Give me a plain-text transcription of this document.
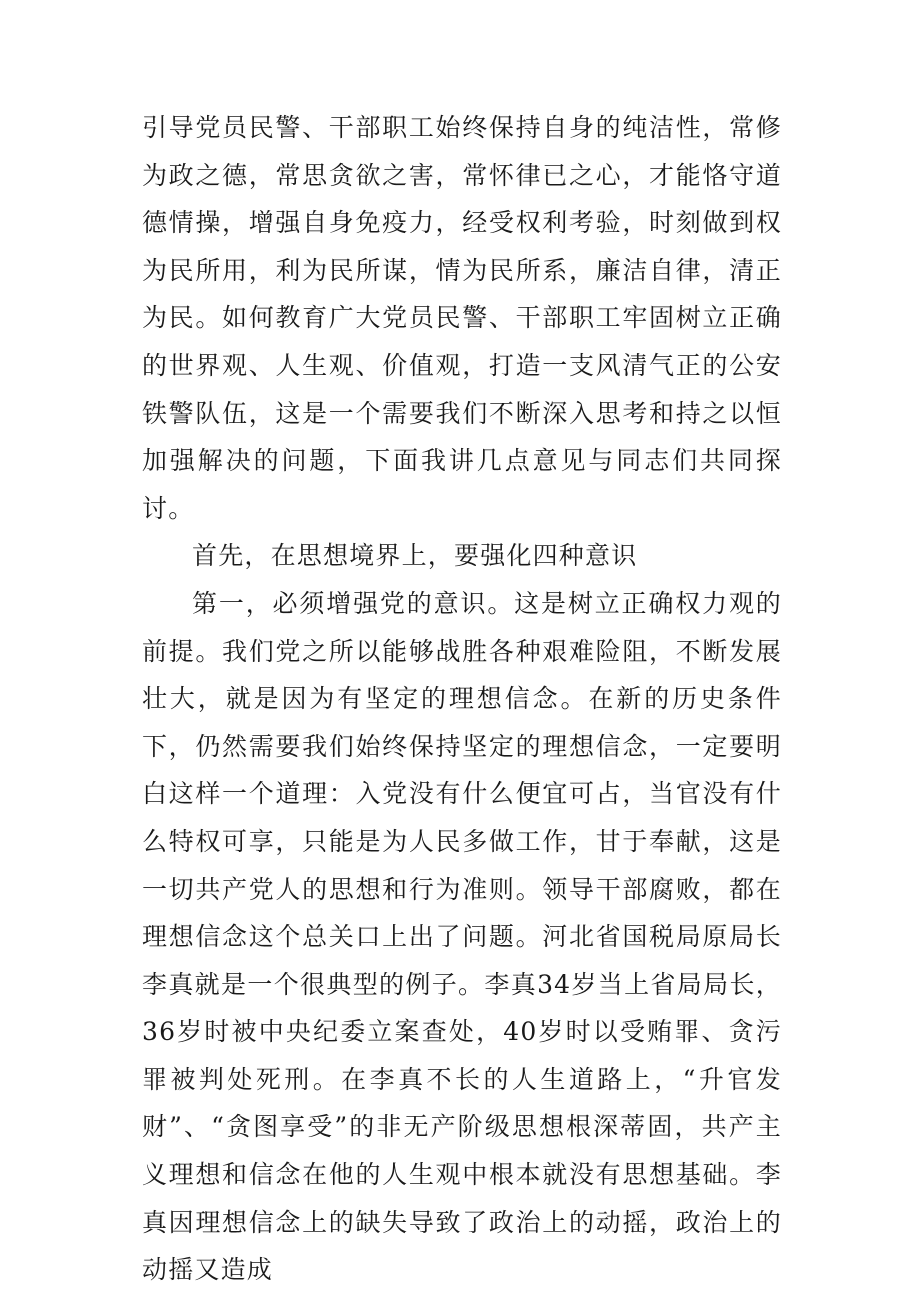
引导党员民警、干部职工始终保持自身的纯洁性，常修为政之德，常思贪欲之害，常怀律已之心，才能恪守道德情操，增强自身免疫力，经受权利考验，时刻做到权为民所用，利为民所谋，情为民所系，廉洁自律，清正为民。如何教育广大党员民警、干部职工牢固树立正确的世界观、人生观、价值观，打造一支风清气正的公安铁警队伍，这是一个需要我们不断深入思考和持之以恒加强解决的问题，下面我讲几点意见与同志们共同探讨。

首先，在思想境界上，要强化四种意识

第一，必须增强党的意识。这是树立正确权力观的前提。我们党之所以能够战胜各种艰难险阻，不断发展壮大，就是因为有坚定的理想信念。在新的历史条件下，仍然需要我们始终保持坚定的理想信念，一定要明白这样一个道理：入党没有什么便宜可占，当官没有什么特权可享，只能是为人民多做工作，甘于奉献，这是一切共产党人的思想和行为准则。领导干部腐败，都在理想信念这个总关口上出了问题。河北省国税局原局长李真就是一个很典型的例子。李真34岁当上省局局长，36岁时被中央纪委立案查处，40岁时以受贿罪、贪污罪被判处死刑。在李真不长的人生道路上，“升官发财”、“贪图享受”的非无产阶级思想根深蒂固，共产主义理想和信念在他的人生观中根本就没有思想基础。李真因理想信念上的缺失导致了政治上的动摇，政治上的动摇又造成
